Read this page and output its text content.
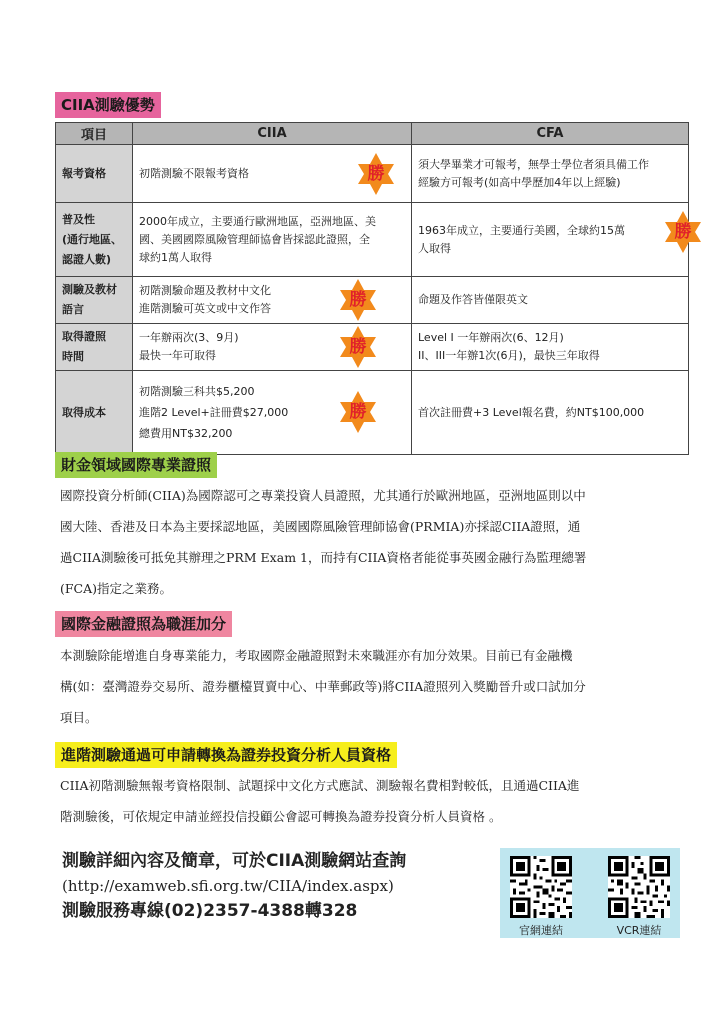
CIIA測驗優勢
項目	CIIA	CFA

報考資格	初階測驗不限報考資格 勝	須大學畢業才可報考，無學士學位者須具備工作
經驗方可報考(如高中學歷加4年以上經驗)

普及性
(通行地區、
認證人數)	2000年成立，主要通行歐洲地區，亞洲地區、美
國、美國國際風險管理師協會皆採認此證照，全
球約1萬人取得	1963年成立，主要通行美國，全球約15萬
人取得
勝

測驗及教材
語言	初階測驗命題及教材中文化
進階測驗可英文或中文作答 勝	命題及作答皆僅限英文

取得證照
時間	一年辦兩次(3、9月)
最快一年可取得 勝	Level I 一年辦兩次(6、12月)
II、III一年辦1次(6月)，最快三年取得

取得成本	初階測驗三科共$5,200
進階2 Level+註冊費$27,000
總費用NT$32,200
勝	首次註冊費+3 Level報名費，約NT$100,000
財金領域國際專業證照
國際投資分析師(CIIA)為國際認可之專業投資人員證照，尤其通行於歐洲地區，亞洲地區則以中
國大陸、香港及日本為主要採認地區，美國國際風險管理師協會(PRMIA)亦採認CIIA證照，通
過CIIA測驗後可抵免其辦理之PRM Exam 1，而持有CIIA資格者能從事英國金融行為監理總署
(FCA)指定之業務。
國際金融證照為職涯加分
本測驗除能增進自身專業能力，考取國際金融證照對未來職涯亦有加分效果。目前已有金融機
構(如：臺灣證券交易所、證券櫃檯買賣中心、中華郵政等)將CIIA證照列入獎勵晉升或口試加分
項目。
進階測驗通過可申請轉換為證券投資分析人員資格
CIIA初階測驗無報考資格限制、試題採中文化方式應試、測驗報名費相對較低，且通過CIIA進
階測驗後，可依規定申請並經投信投顧公會認可轉換為證券投資分析人員資格 。
測驗詳細內容及簡章，可於CIIA測驗網站查詢
(http://examweb.sfi.org.tw/CIIA/index.aspx)
測驗服務專線(02)2357-4388轉328
官網連結	VCR連結
